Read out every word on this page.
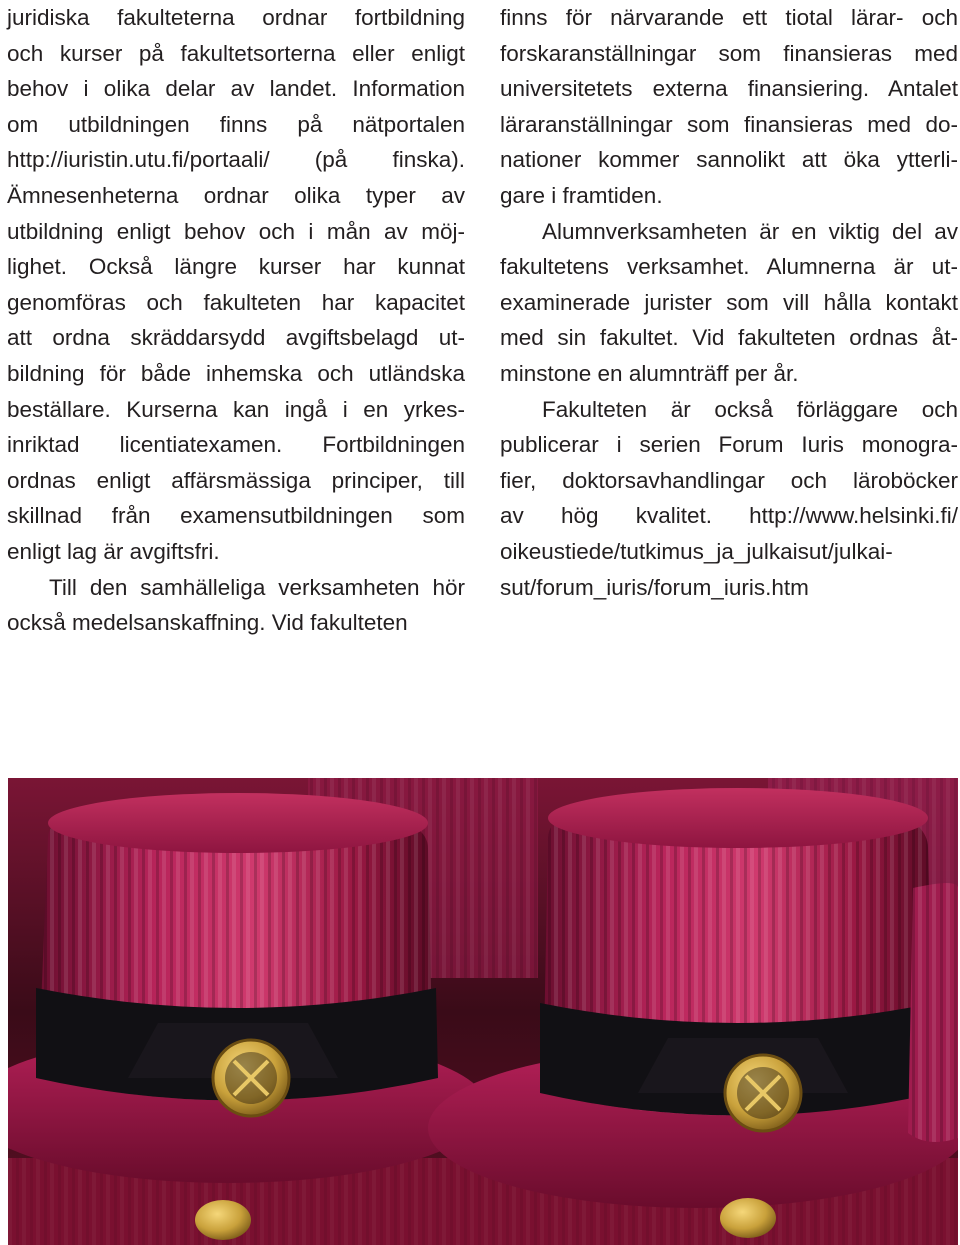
juridiska fakulteterna ordnar fortbildning
och kurser på fakultetsorterna eller enligt
behov i olika delar av landet. Information
om utbildningen finns på nätportalen
http://iuristin.utu.fi/portaali/ (på finska).
Ämnesenheterna ordnar olika typer av
utbildning enligt behov och i mån av möj-
lighet. Också längre kurser har kunnat
genomföras och fakulteten har kapacitet
att ordna skräddarsydd avgiftsbelagd ut-
bildning för både inhemska och utländska
beställare. Kurserna kan ingå i en yrkes-
inriktad licentiatexamen. Fortbildningen
ordnas enligt affärsmässiga principer, till
skillnad från examensutbildningen som
enligt lag är avgiftsfri.
Till den samhälleliga verksamheten hör
också medelsanskaffning. Vid fakulteten
finns för närvarande ett tiotal lärar- och
forskaranställningar som finansieras med
universitetets externa finansiering. Antalet
läraranställningar som finansieras med do-
nationer kommer sannolikt att öka ytterli-
gare i framtiden.
Alumnverksamheten är en viktig del av
fakultetens verksamhet. Alumnerna är ut-
examinerade jurister som vill hålla kontakt
med sin fakultet. Vid fakulteten ordnas åt-
minstone en alumnträff per år.
Fakulteten är också förläggare och
publicerar i serien Forum Iuris monogra-
fier, doktorsavhandlingar och läroböcker
av hög kvalitet. http://www.helsinki.fi/
oikeustiede/tutkimus_ja_julkaisut/julkai-
sut/forum_iuris/forum_iuris.htm
